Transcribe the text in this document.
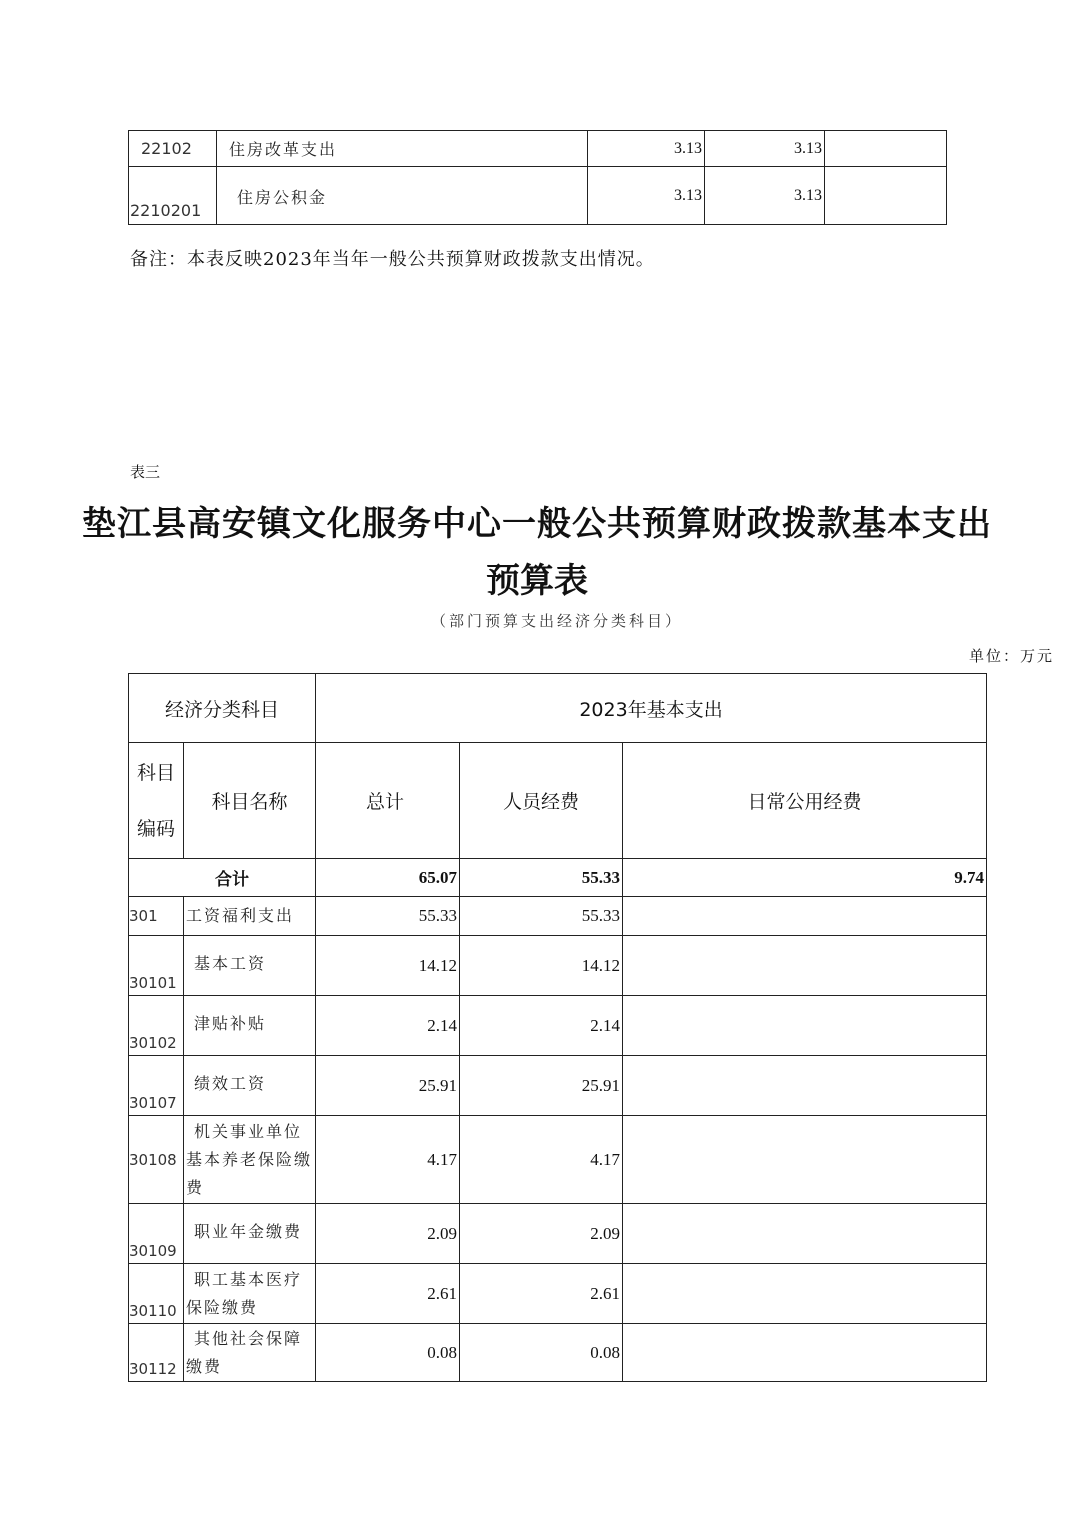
22102	住房改革支出	3.13	3.13	
2210201	住房公积金	3.13	3.13	
备注：本表反映2023年当年一般公共预算财政拨款支出情况。
表三
垫江县高安镇文化服务中心一般公共预算财政拨款基本支出
预算表
（部门预算支出经济分类科目）
单位：万元
经济分类科目		2023年基本支出		
科目编码	科目名称	总计	人员经费	日常公用经费
合计		65.07	55.33	9.74
301	工资福利支出	55.33	55.33	
30101	基本工资	14.12	14.12	
30102	津贴补贴	2.14	2.14	
30107	绩效工资	25.91	25.91	
30108	机关事业单位基本养老保险缴费	4.17	4.17	
30109	职业年金缴费	2.09	2.09	
30110	职工基本医疗保险缴费	2.61	2.61	
30112	其他社会保障缴费	0.08	0.08	
